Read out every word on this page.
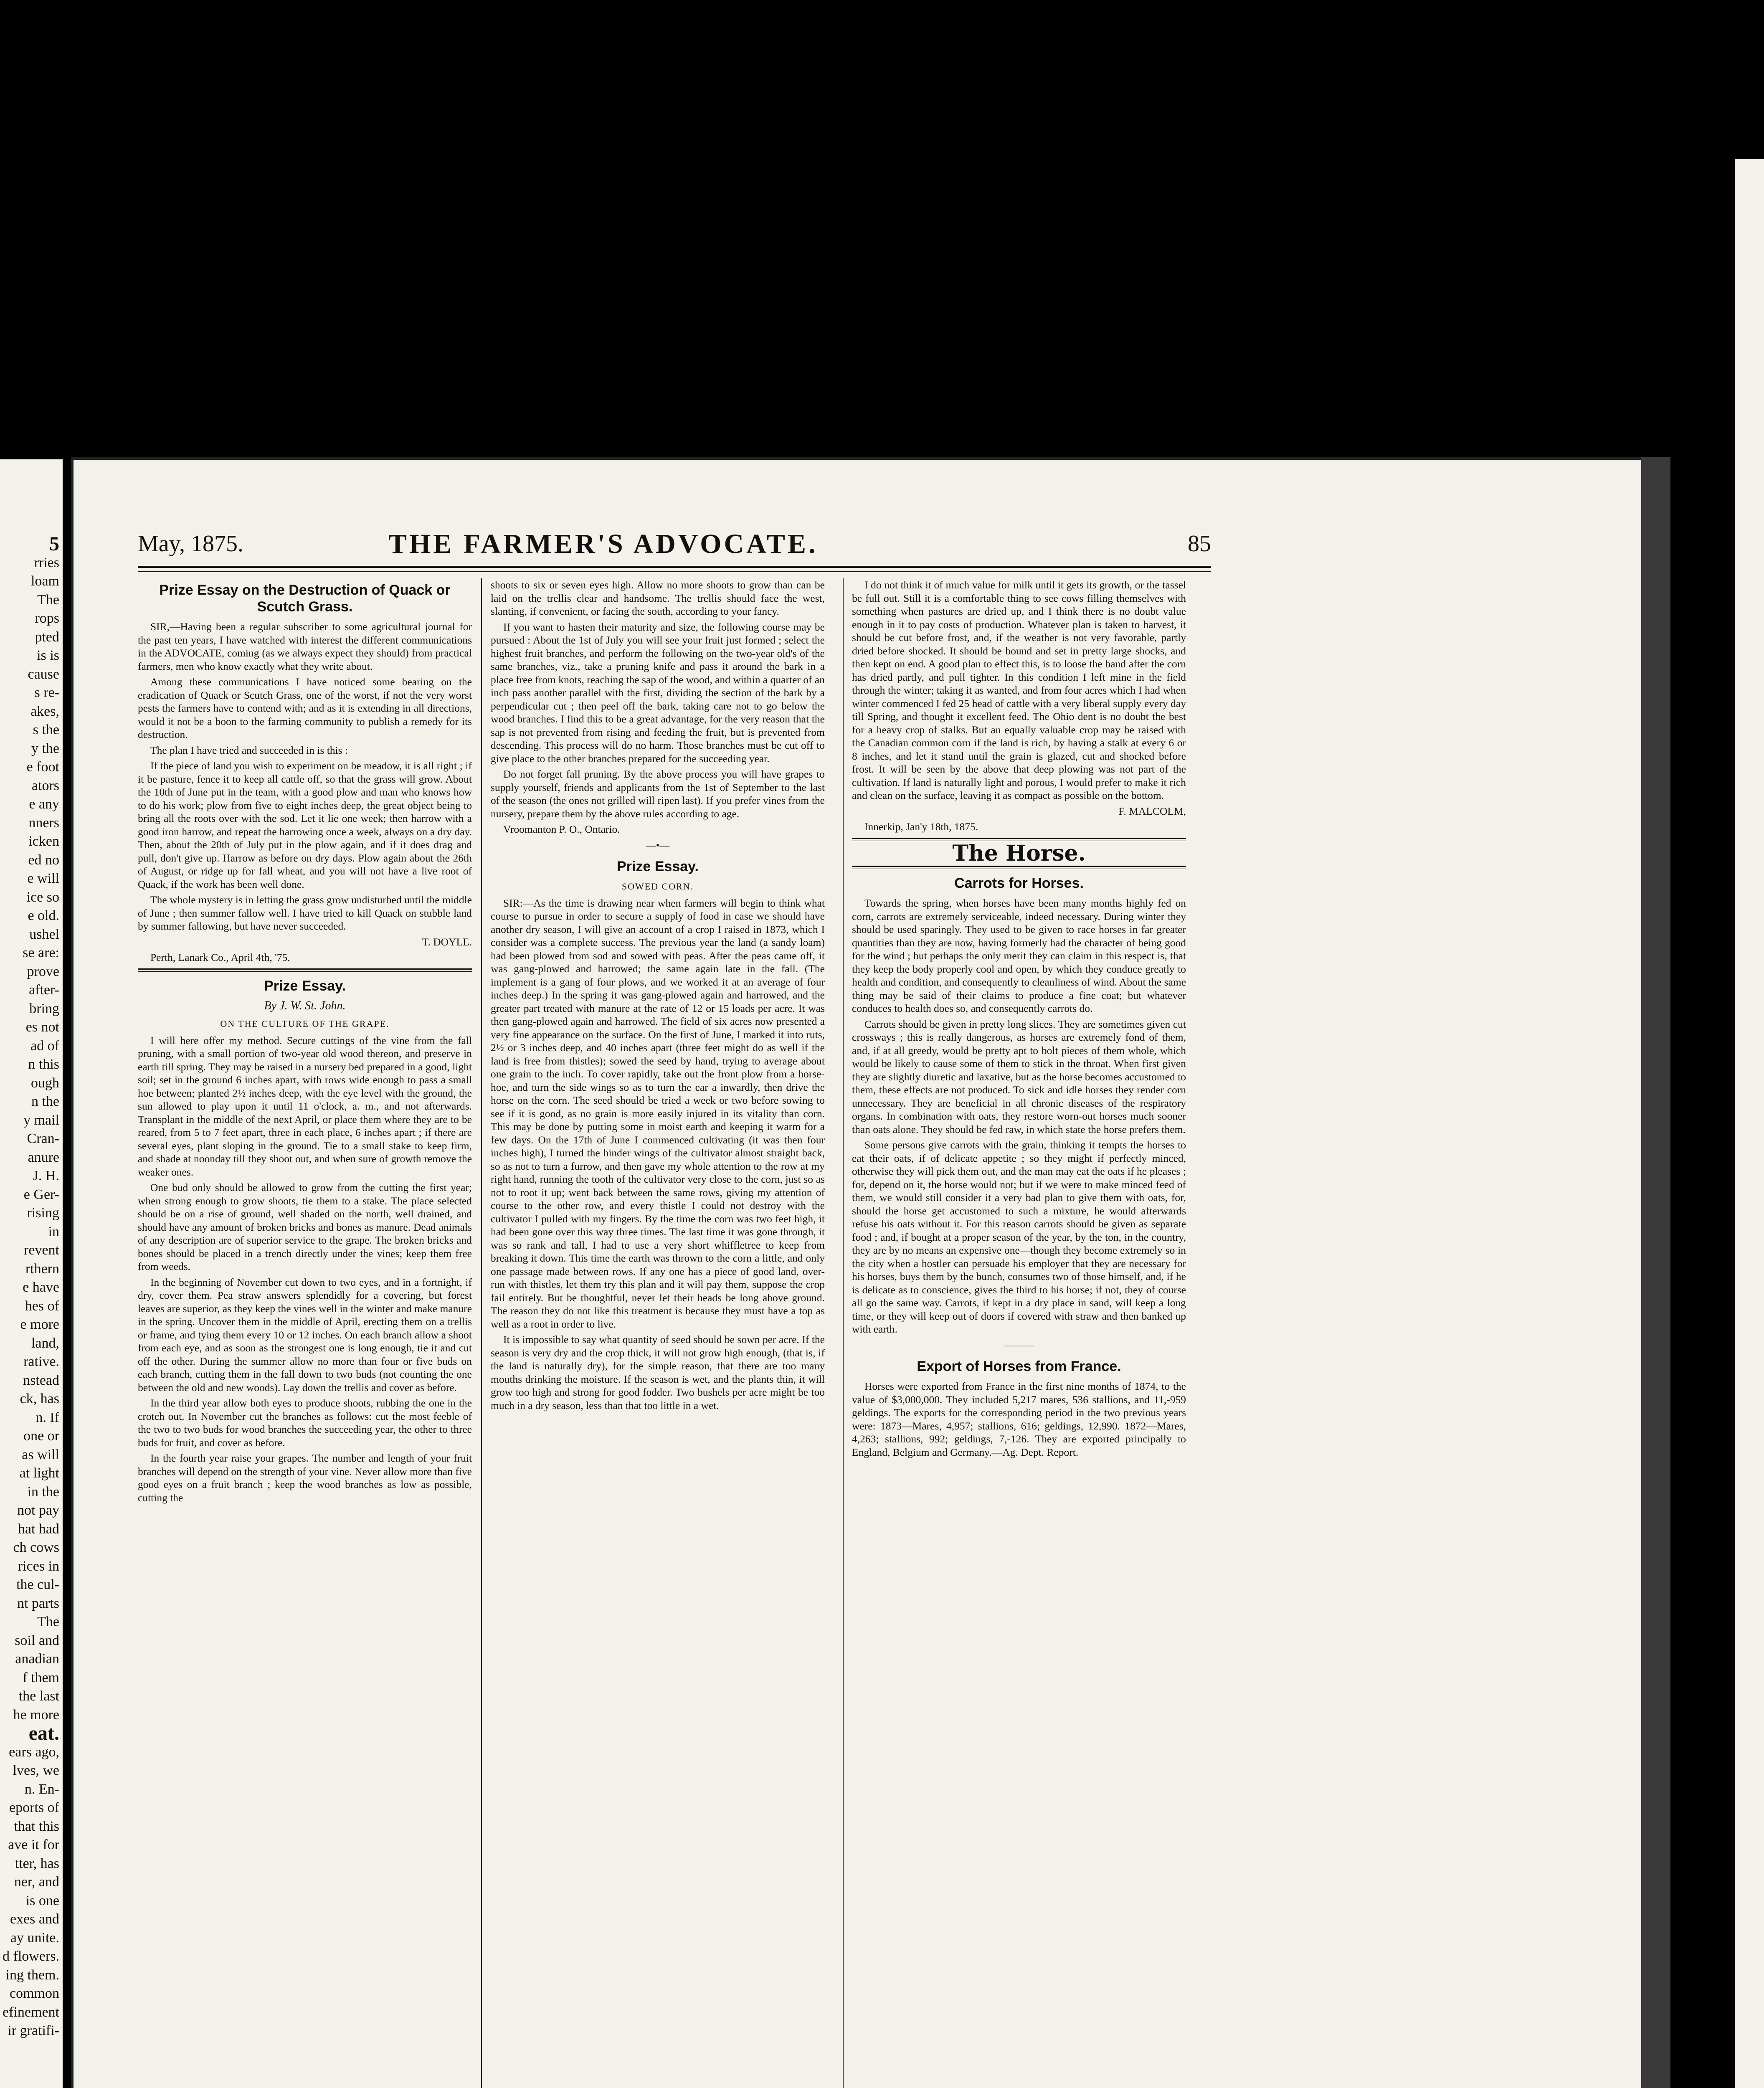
5
rries
loam
The
rops
pted
is is
cause
s re-
akes,
s the
y the
e foot
ators
e any
nners
icken
ed no
e will
ice so
e old.
ushel
se are:
prove
after-
bring
es not
ad of
n this
ough
n the
y mail
Cran-
anure
J. H.
e Ger-
rising
in
revent
rthern
e have
hes of
e more
land,
rative.
nstead
ck, has
n. If
one or
as will
at light
in the
not pay
hat had
ch cows
rices in
the cul-
nt parts
The
soil and
anadian
f them
the last
he more
eat.
ears ago,
lves, we
n. En-
eports of
that this
ave it for
tter, has
ner, and
is one
exes and
ay unite.
d flowers.
ing them.
common
efinement
ir gratifi-
May, 1875.	THE FARMER'S ADVOCATE.	85
Prize Essay on the Destruction of Quack or Scutch Grass.

SIR,—Having been a regular subscriber to some agricultural journal for the past ten years, I have watched with interest the different communications in the ADVOCATE, coming (as we always expect they should) from practical farmers, men who know exactly what they write about.

Among these communications I have noticed some bearing on the eradication of Quack or Scutch Grass, one of the worst, if not the very worst pests the farmers have to contend with; and as it is extending in all directions, would it not be a boon to the farming community to publish a remedy for its destruction.

The plan I have tried and succeeded in is this :

If the piece of land you wish to experiment on be meadow, it is all right ; if it be pasture, fence it to keep all cattle off, so that the grass will grow. About the 10th of June put in the team, with a good plow and man who knows how to do his work; plow from five to eight inches deep, the great object being to bring all the roots over with the sod. Let it lie one week; then harrow with a good iron harrow, and repeat the harrowing once a week, always on a dry day. Then, about the 20th of July put in the plow again, and if it does drag and pull, don't give up. Harrow as before on dry days. Plow again about the 26th of August, or ridge up for fall wheat, and you will not have a live root of Quack, if the work has been well done.

The whole mystery is in letting the grass grow undisturbed until the middle of June ; then summer fallow well. I have tried to kill Quack on stubble land by summer fallowing, but have never succeeded.

T. DOYLE.
Perth, Lanark Co., April 4th, '75.
Prize Essay.
By J. W. St. John.
ON THE CULTURE OF THE GRAPE.

I will here offer my method. Secure cuttings of the vine from the fall pruning, with a small portion of two-year old wood thereon, and preserve in earth till spring. They may be raised in a nursery bed prepared in a good, light soil; set in the ground 6 inches apart, with rows wide enough to pass a small hoe between; planted 2½ inches deep, with the eye level with the ground, the sun allowed to play upon it until 11 o'clock, a. m., and not afterwards. Transplant in the middle of the next April, or place them where they are to be reared, from 5 to 7 feet apart, three in each place, 6 inches apart ; if there are several eyes, plant sloping in the ground. Tie to a small stake to keep firm, and shade at noonday till they shoot out, and when sure of growth remove the weaker ones.

One bud only should be allowed to grow from the cutting the first year; when strong enough to grow shoots, tie them to a stake. The place selected should be on a rise of ground, well shaded on the north, well drained, and should have any amount of broken bricks and bones as manure. Dead animals of any description are of superior service to the grape. The broken bricks and bones should be placed in a trench directly under the vines; keep them free from weeds.

In the beginning of November cut down to two eyes, and in a fortnight, if dry, cover them. Pea straw answers splendidly for a covering, but forest leaves are superior, as they keep the vines well in the winter and make manure in the spring. Uncover them in the middle of April, erecting them on a trellis or frame, and tying them every 10 or 12 inches. On each branch allow a shoot from each eye, and as soon as the strongest one is long enough, tie it and cut off the other. During the summer allow no more than four or five buds on each branch, cutting them in the fall down to two buds (not counting the one between the old and new woods). Lay down the trellis and cover as before.

In the third year allow both eyes to produce shoots, rubbing the one in the crotch out. In November cut the branches as follows: cut the most feeble of the two to two buds for wood branches the succeeding year, the other to three buds for fruit, and cover as before.

In the fourth year raise your grapes. The number and length of your fruit branches will depend on the strength of your vine. Never allow more than five good eyes on a fruit branch ; keep the wood branches as low as possible, cutting the

shoots to six or seven eyes high. Allow no more shoots to grow than can be laid on the trellis clear and handsome. The trellis should face the west, slanting, if convenient, or facing the south, according to your fancy.

If you want to hasten their maturity and size, the following course may be pursued : About the 1st of July you will see your fruit just formed ; select the highest fruit branches, and perform the following on the two-year old's of the same branches, viz., take a pruning knife and pass it around the bark in a place free from knots, reaching the sap of the wood, and within a quarter of an inch pass another parallel with the first, dividing the section of the bark by a perpendicular cut ; then peel off the bark, taking care not to go below the wood branches. I find this to be a great advantage, for the very reason that the sap is not prevented from rising and feeding the fruit, but is prevented from descending. This process will do no harm. Those branches must be cut off to give place to the other branches prepared for the succeeding year.

Do not forget fall pruning. By the above process you will have grapes to supply yourself, friends and applicants from the 1st of September to the last of the season (the ones not grilled will ripen last). If you prefer vines from the nursery, prepare them by the above rules according to age.

Vroomanton P. O., Ontario.
—•—
Prize Essay.
SOWED CORN.

SIR:—As the time is drawing near when farmers will begin to think what course to pursue in order to secure a supply of food in case we should have another dry season, I will give an account of a crop I raised in 1873, which I consider was a complete success. The previous year the land (a sandy loam) had been plowed from sod and sowed with peas. After the peas came off, it was gang-plowed and harrowed; the same again late in the fall. (The implement is a gang of four plows, and we worked it at an average of four inches deep.) In the spring it was gang-plowed again and harrowed, and the greater part treated with manure at the rate of 12 or 15 loads per acre. It was then gang-plowed again and harrowed. The field of six acres now presented a very fine appearance on the surface. On the first of June, I marked it into ruts, 2½ or 3 inches deep, and 40 inches apart (three feet might do as well if the land is free from thistles); sowed the seed by hand, trying to average about one grain to the inch. To cover rapidly, take out the front plow from a horse-hoe, and turn the side wings so as to turn the ear a inwardly, then drive the horse on the corn. The seed should be tried a week or two before sowing to see if it is good, as no grain is more easily injured in its vitality than corn. This may be done by putting some in moist earth and keeping it warm for a few days. On the 17th of June I commenced cultivating (it was then four inches high), I turned the hinder wings of the cultivator almost straight back, so as not to turn a furrow, and then gave my whole attention to the row at my right hand, running the tooth of the cultivator very close to the corn, just so as not to root it up; went back between the same rows, giving my attention of course to the other row, and every thistle I could not destroy with the cultivator I pulled with my fingers. By the time the corn was two feet high, it had been gone over this way three times. The last time it was gone through, it was so rank and tall, I had to use a very short whiffletree to keep from breaking it down. This time the earth was thrown to the corn a little, and only one passage made between rows. If any one has a piece of good land, over-run with thistles, let them try this plan and it will pay them, suppose the crop fail entirely. But be thoughtful, never let their heads be long above ground. The reason they do not like this treatment is because they must have a top as well as a root in order to live.

It is impossible to say what quantity of seed should be sown per acre. If the season is very dry and the crop thick, it will not grow high enough, (that is, if the land is naturally dry), for the simple reason, that there are too many mouths drinking the moisture. If the season is wet, and the plants thin, it will grow too high and strong for good fodder. Two bushels per acre might be too much in a dry season, less than that too little in a wet.

I do not think it of much value for milk until it gets its growth, or the tassel be full out. Still it is a comfortable thing to see cows filling themselves with something when pastures are dried up, and I think there is no doubt value enough in it to pay costs of production. Whatever plan is taken to harvest, it should be cut before frost, and, if the weather is not very favorable, partly dried before shocked. It should be bound and set in pretty large shocks, and then kept on end. A good plan to effect this, is to loose the band after the corn has dried partly, and pull tighter. In this condition I left mine in the field through the winter; taking it as wanted, and from four acres which I had when winter commenced I fed 25 head of cattle with a very liberal supply every day till Spring, and thought it excellent feed. The Ohio dent is no doubt the best for a heavy crop of stalks. But an equally valuable crop may be raised with the Canadian common corn if the land is rich, by having a stalk at every 6 or 8 inches, and let it stand until the grain is glazed, cut and shocked before frost. It will be seen by the above that deep plowing was not part of the cultivation. If land is naturally light and porous, I would prefer to make it rich and clean on the surface, leaving it as compact as possible on the bottom.

F. MALCOLM,
Innerkip, Jan'y 18th, 1875.
The Horse.
Carrots for Horses.

Towards the spring, when horses have been many months highly fed on corn, carrots are extremely serviceable, indeed necessary. During winter they should be used sparingly. They used to be given to race horses in far greater quantities than they are now, having formerly had the character of being good for the wind ; but perhaps the only merit they can claim in this respect is, that they keep the body properly cool and open, by which they conduce greatly to health and condition, and consequently to cleanliness of wind. About the same thing may be said of their claims to produce a fine coat; but whatever conduces to health does so, and consequently carrots do.

Carrots should be given in pretty long slices. They are sometimes given cut crossways ; this is really dangerous, as horses are extremely fond of them, and, if at all greedy, would be pretty apt to bolt pieces of them whole, which would be likely to cause some of them to stick in the throat. When first given they are slightly diuretic and laxative, but as the horse becomes accustomed to them, these effects are not produced. To sick and idle horses they render corn unnecessary. They are beneficial in all chronic diseases of the respiratory organs. In combination with oats, they restore worn-out horses much sooner than oats alone. They should be fed raw, in which state the horse prefers them.

Some persons give carrots with the grain, thinking it tempts the horses to eat their oats, if of delicate appetite ; so they might if perfectly minced, otherwise they will pick them out, and the man may eat the oats if he pleases ; for, depend on it, the horse would not; but if we were to make minced feed of them, we would still consider it a very bad plan to give them with oats, for, should the horse get accustomed to such a mixture, he would afterwards refuse his oats without it. For this reason carrots should be given as separate food ; and, if bought at a proper season of the year, by the ton, in the country, they are by no means an expensive one—though they become extremely so in the city when a hostler can persuade his employer that they are necessary for his horses, buys them by the bunch, consumes two of those himself, and, if he is delicate as to conscience, gives the third to his horse; if not, they of course all go the same way. Carrots, if kept in a dry place in sand, will keep a long time, or they will keep out of doors if covered with straw and then banked up with earth.

———
Export of Horses from France.

Horses were exported from France in the first nine months of 1874, to the value of $3,000,000. They included 5,217 mares, 536 stallions, and 11,-959 geldings. The exports for the corresponding period in the two previous years were: 1873—Mares, 4,957; stallions, 616; geldings, 12,990. 1872—Mares, 4,263; stallions, 992; geldings, 7,-126. They are exported principally to England, Belgium and Germany.—Ag. Dept. Report.
